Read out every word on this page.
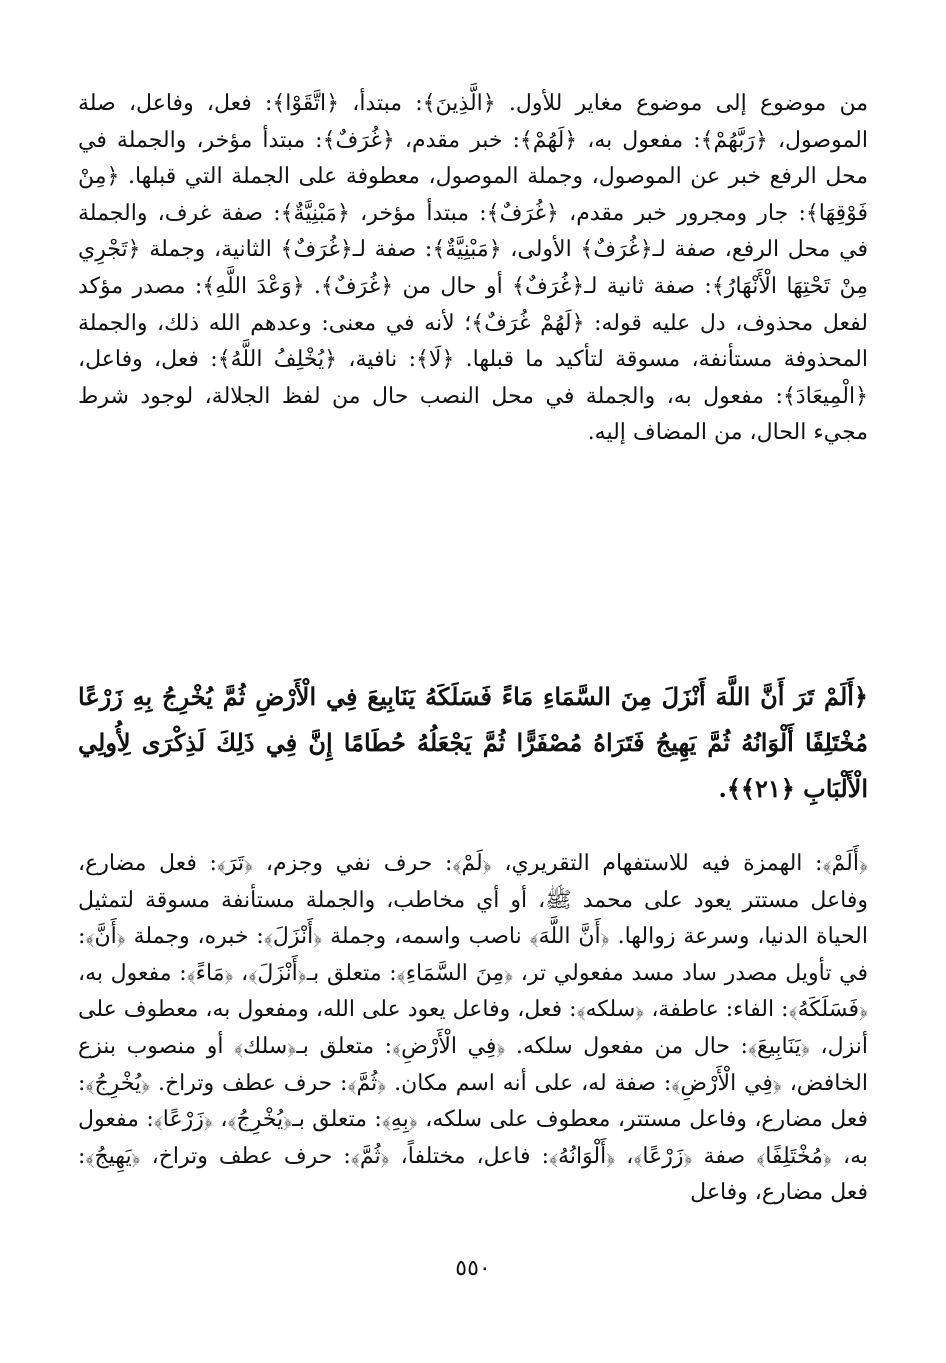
من موضوع إلى موضوع مغاير للأول. ﴿الَّذِينَ﴾: مبتدأ، ﴿اتَّقَوْا﴾: فعل، وفاعل، صلة الموصول، ﴿رَبَّهُمْ﴾: مفعول به، ﴿لَهُمْ﴾: خبر مقدم، ﴿غُرَفٌ﴾: مبتدأ مؤخر، والجملة في محل الرفع خبر عن الموصول، وجملة الموصول، معطوفة على الجملة التي قبلها. ﴿مِنْ فَوْقِهَا﴾: جار ومجرور خبر مقدم، ﴿غُرَفٌ﴾: مبتدأ مؤخر، ﴿مَبْنِيَّةٌ﴾: صفة غرف، والجملة في محل الرفع، صفة لـ﴿غُرَفٌ﴾ الأولى، ﴿مَبْنِيَّةٌ﴾: صفة لـ﴿غُرَفٌ﴾ الثانية، وجملة ﴿تَجْرِي مِنْ تَحْتِهَا الْأَنْهَارُ﴾: صفة ثانية لـ﴿غُرَفٌ﴾ أو حال من ﴿غُرَفٌ﴾. ﴿وَعْدَ اللَّهِ﴾: مصدر مؤكد لفعل محذوف، دل عليه قوله: ﴿لَهُمْ غُرَفٌ﴾؛ لأنه في معنى: وعدهم الله ذلك، والجملة المحذوفة مستأنفة، مسوقة لتأكيد ما قبلها. ﴿لَا﴾: نافية، ﴿يُخْلِفُ اللَّهُ﴾: فعل، وفاعل، ﴿الْمِيعَادَ﴾: مفعول به، والجملة في محل النصب حال من لفظ الجلالة، لوجود شرط مجيء الحال، من المضاف إليه.

﴿أَلَمْ تَرَ أَنَّ اللَّهَ أَنْزَلَ مِنَ السَّمَاءِ مَاءً فَسَلَكَهُ يَنَابِيعَ فِي الْأَرْضِ ثُمَّ يُخْرِجُ بِهِ زَرْعًا مُخْتَلِفًا أَلْوَانُهُ ثُمَّ يَهِيجُ فَتَرَاهُ مُصْفَرًّا ثُمَّ يَجْعَلُهُ حُطَامًا إِنَّ فِي ذَلِكَ لَذِكْرَى لِأُولِي الْأَلْبَابِ ﴿٢١﴾﴾.

﴿أَلَمْ﴾: الهمزة فيه للاستفهام التقريري، ﴿لَمْ﴾: حرف نفي وجزم، ﴿تَرَ﴾: فعل مضارع، وفاعل مستتر يعود على محمد ﷺ، أو أي مخاطب، والجملة مستأنفة مسوقة لتمثيل الحياة الدنيا، وسرعة زوالها. ﴿أَنَّ اللَّهَ﴾ ناصب واسمه، وجملة ﴿أَنْزَلَ﴾: خبره، وجملة ﴿أَنَّ﴾: في تأويل مصدر ساد مسد مفعولي تر، ﴿مِنَ السَّمَاءِ﴾: متعلق بـ﴿أَنْزَلَ﴾، ﴿مَاءً﴾: مفعول به، ﴿فَسَلَكَهُ﴾: الفاء: عاطفة، ﴿سلكه﴾: فعل، وفاعل يعود على الله، ومفعول به، معطوف على أنزل، ﴿يَنَابِيعَ﴾: حال من مفعول سلكه. ﴿فِي الْأَرْضِ﴾: متعلق بـ﴿سلك﴾ أو منصوب بنزع الخافض، ﴿فِي الْأَرْضِ﴾: صفة له، على أنه اسم مكان. ﴿ثُمَّ﴾: حرف عطف وتراخ. ﴿يُخْرِجُ﴾: فعل مضارع، وفاعل مستتر، معطوف على سلكه، ﴿بِهِ﴾: متعلق بـ﴿يُخْرِجُ﴾، ﴿زَرْعًا﴾: مفعول به، ﴿مُخْتَلِفًا﴾ صفة ﴿زَرْعًا﴾، ﴿أَلْوَانُهُ﴾: فاعل، مختلفاً، ﴿ثُمَّ﴾: حرف عطف وتراخ، ﴿يَهِيجُ﴾: فعل مضارع، وفاعل

٥٥٠
